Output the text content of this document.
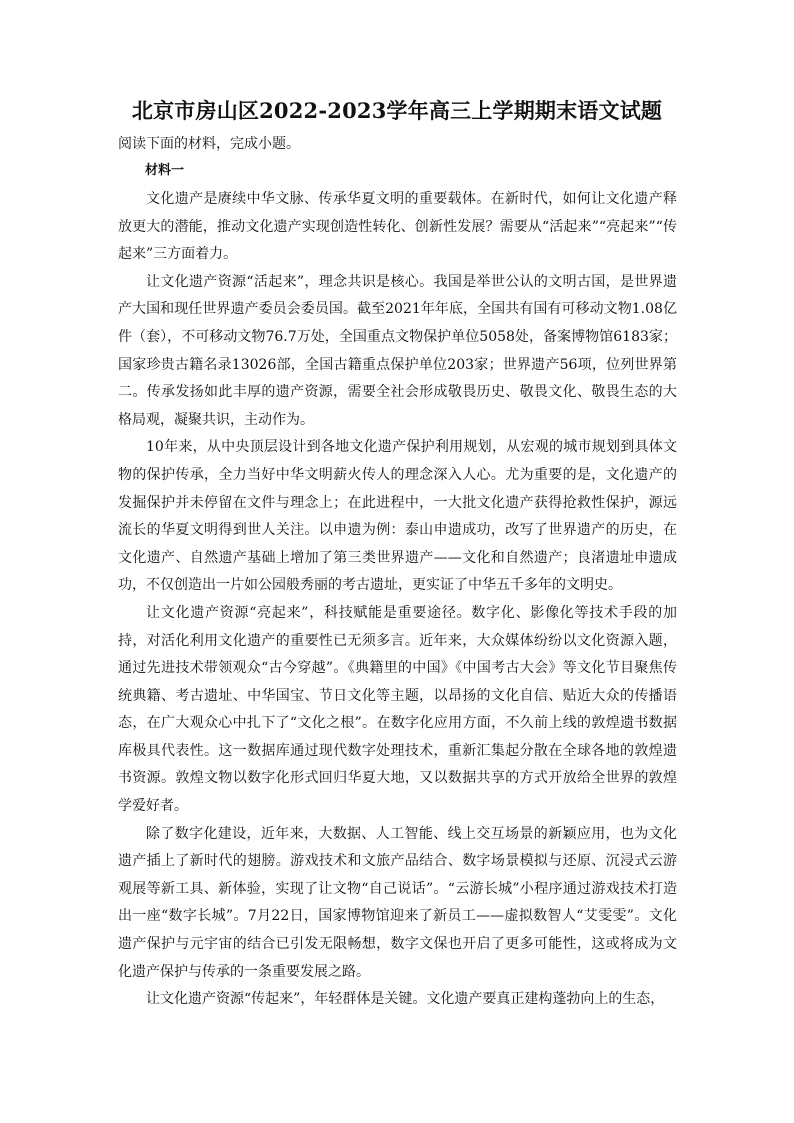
北京市房山区2022-2023学年高三上学期期末语文试题

阅读下面的材料，完成小题。

材料一

文化遗产是赓续中华文脉、传承华夏文明的重要载体。在新时代，如何让文化遗产释放更大的潜能，推动文化遗产实现创造性转化、创新性发展？需要从“活起来”“亮起来”“传起来”三方面着力。

让文化遗产资源“活起来”，理念共识是核心。我国是举世公认的文明古国，是世界遗产大国和现任世界遗产委员会委员国。截至2021年年底，全国共有国有可移动文物1.08亿件（套），不可移动文物76.7万处，全国重点文物保护单位5058处，备案博物馆6183家；国家珍贵古籍名录13026部，全国古籍重点保护单位203家；世界遗产56项，位列世界第二。传承发扬如此丰厚的遗产资源，需要全社会形成敬畏历史、敬畏文化、敬畏生态的大格局观，凝聚共识，主动作为。

10年来，从中央顶层设计到各地文化遗产保护利用规划，从宏观的城市规划到具体文物的保护传承，全力当好中华文明薪火传人的理念深入人心。尤为重要的是，文化遗产的发掘保护并未停留在文件与理念上；在此进程中，一大批文化遗产获得抢救性保护，源远流长的华夏文明得到世人关注。以申遗为例：泰山申遗成功，改写了世界遗产的历史，在文化遗产、自然遗产基础上增加了第三类世界遗产——文化和自然遗产；良渚遗址申遗成功，不仅创造出一片如公园般秀丽的考古遗址，更实证了中华五千多年的文明史。

让文化遗产资源“亮起来”，科技赋能是重要途径。数字化、影像化等技术手段的加持，对活化利用文化遗产的重要性已无须多言。近年来，大众媒体纷纷以文化资源入题，通过先进技术带领观众“古今穿越”。《典籍里的中国》《中国考古大会》等文化节目聚焦传统典籍、考古遗址、中华国宝、节日文化等主题，以昂扬的文化自信、贴近大众的传播语态，在广大观众心中扎下了“文化之根”。在数字化应用方面，不久前上线的敦煌遗书数据库极具代表性。这一数据库通过现代数字处理技术，重新汇集起分散在全球各地的敦煌遗书资源。敦煌文物以数字化形式回归华夏大地，又以数据共享的方式开放给全世界的敦煌学爱好者。

除了数字化建设，近年来，大数据、人工智能、线上交互场景的新颖应用，也为文化遗产插上了新时代的翅膀。游戏技术和文旅产品结合、数字场景模拟与还原、沉浸式云游观展等新工具、新体验，实现了让文物“自己说话”。“云游长城”小程序通过游戏技术打造出一座“数字长城”。7月22日，国家博物馆迎来了新员工——虚拟数智人“艾雯雯”。文化遗产保护与元宇宙的结合已引发无限畅想，数字文保也开启了更多可能性，这或将成为文化遗产保护与传承的一条重要发展之路。

让文化遗产资源“传起来”，年轻群体是关键。文化遗产要真正建构蓬勃向上的生态，
